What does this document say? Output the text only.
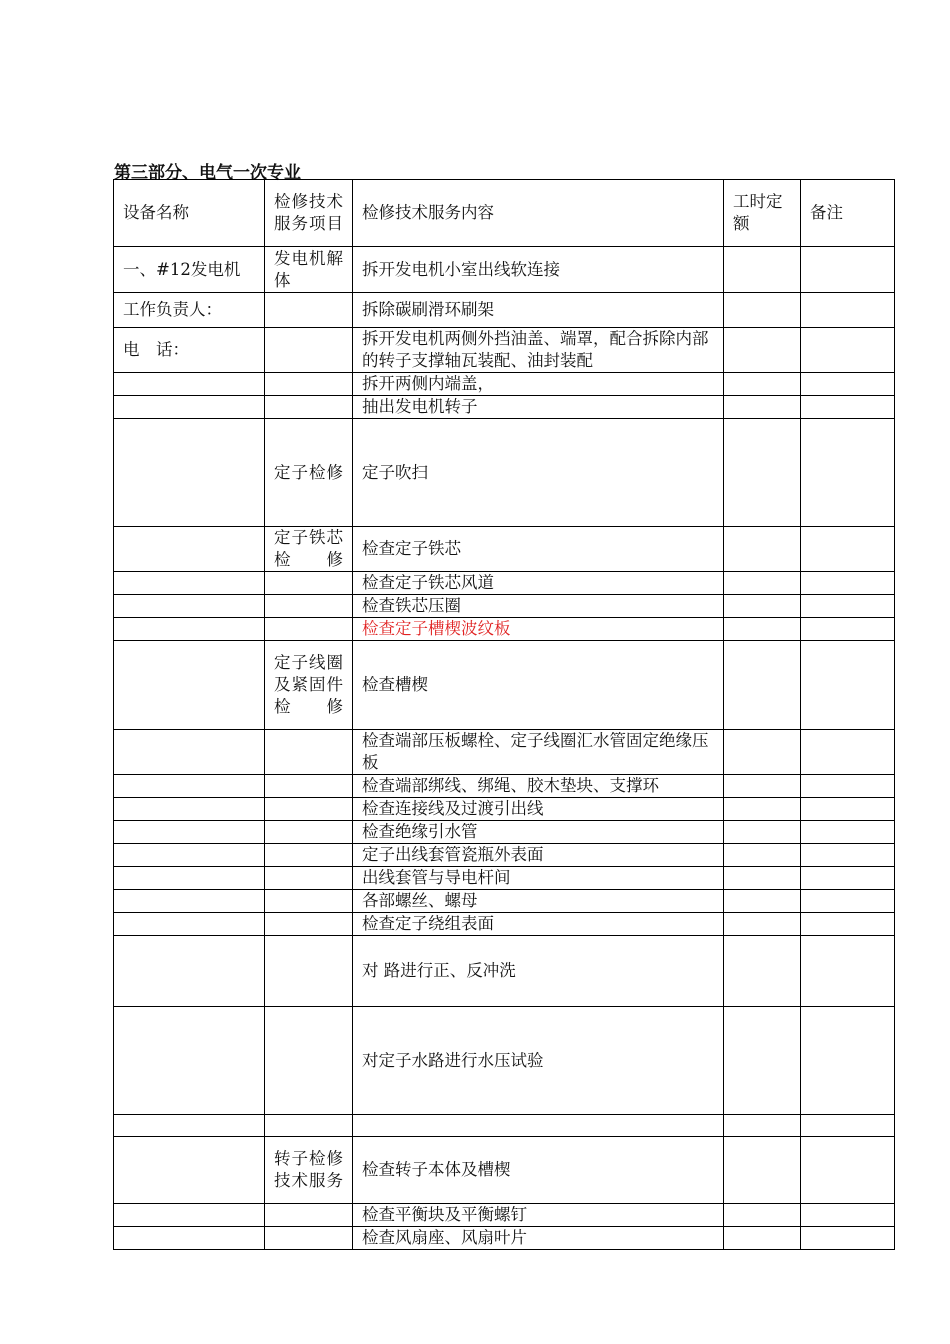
第三部分、电气一次专业
设备名称	检修技术服务项目	检修技术服务内容	工时定额	备注
一、#12发电机	发电机解体	拆开发电机小室出线软连接		
工作负责人：		拆除碳刷滑环刷架		
电　话：		拆开发电机两侧外挡油盖、端罩，配合拆除内部的转子支撑轴瓦装配、油封装配		
		拆开两侧内端盖，		
		抽出发电机转子		
	定子检修	定子吹扫		
	定子铁芯检修	检查定子铁芯		
		检查定子铁芯风道		
		检查铁芯压圈		
		检查定子槽楔波纹板		
	定子线圈及紧固件检修	检查槽楔		
		检查端部压板螺栓、定子线圈汇水管固定绝缘压板		
		检查端部绑线、绑绳、胶木垫块、支撑环		
		检查连接线及过渡引出线		
		检查绝缘引水管		
		定子出线套管瓷瓶外表面		
		出线套管与导电杆间		
		各部螺丝、螺母		
		检查定子绕组表面		
		对 路进行正、反冲洗		
		对定子水路进行水压试验		

	转子检修技术服务	检查转子本体及槽楔		
		检查平衡块及平衡螺钉		
		检查风扇座、风扇叶片		
